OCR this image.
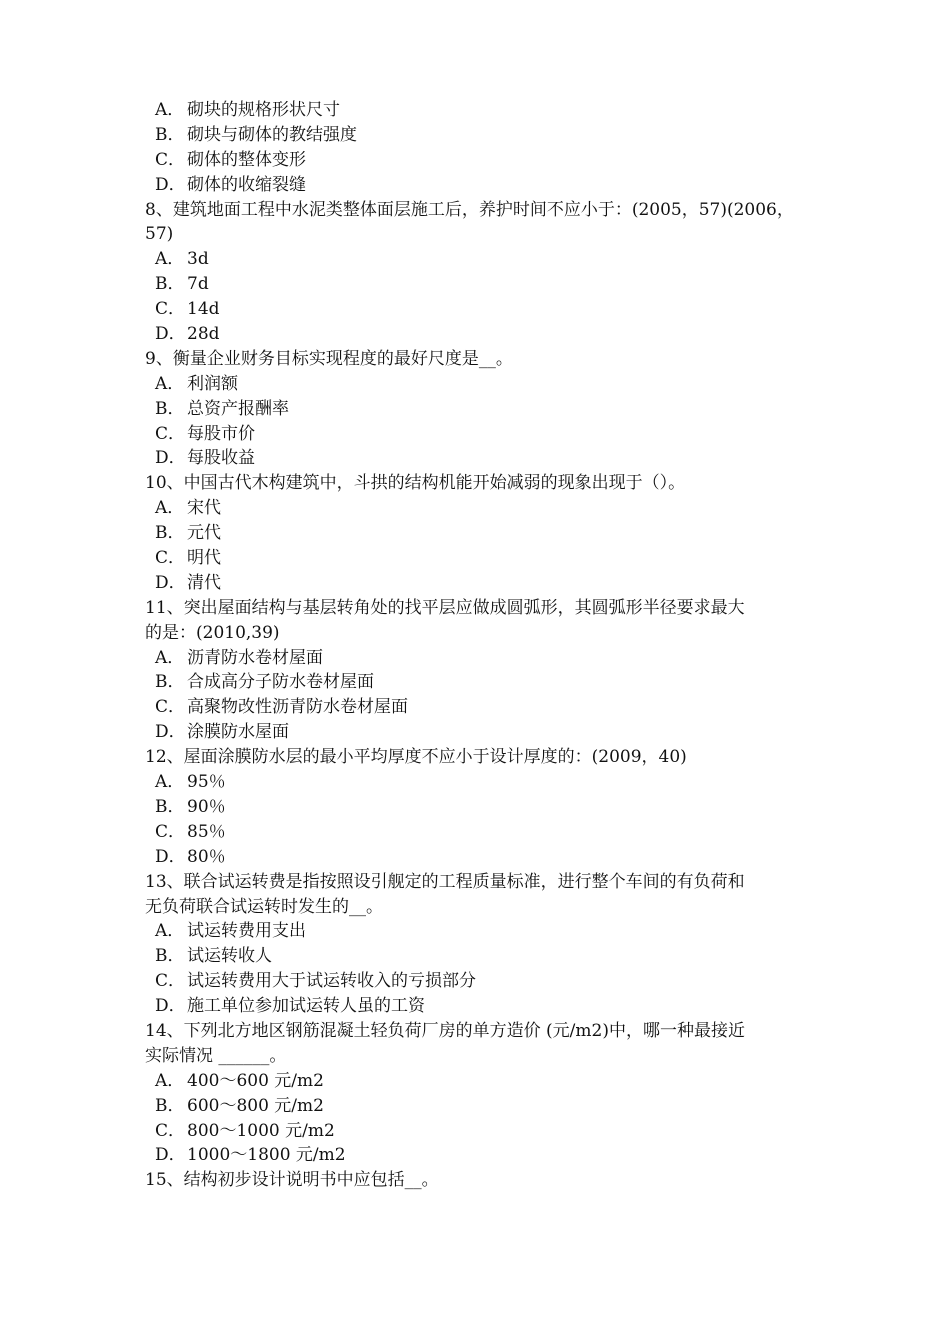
A． 砌块的规格形状尺寸
B． 砌块与砌体的教结强度
C． 砌体的整体变形
D．砌体的收缩裂缝
8、建筑地面工程中水泥类整体面层施工后，养护时间不应小于：(2005，57)(2006，
57)
A． 3d
B． 7d
C． 14d
D．28d
9、衡量企业财务目标实现程度的最好尺度是__。
A． 利润额
B． 总资产报酬率
C． 每股市价
D．每股收益
10、中国古代木构建筑中，斗拱的结构机能开始减弱的现象出现于（）。
A． 宋代
B． 元代
C． 明代
D．清代
11、突出屋面结构与基层转角处的找平层应做成圆弧形，其圆弧形半径要求最大
的是：(2010,39)
A． 沥青防水卷材屋面
B． 合成高分子防水卷材屋面
C． 高聚物改性沥青防水卷材屋面
D．涂膜防水屋面
12、屋面涂膜防水层的最小平均厚度不应小于设计厚度的：(2009，40)
A． 95％
B． 90％
C． 85％
D．80％
13、联合试运转费是指按照设引舰定的工程质量标准，进行整个车间的有负荷和
无负荷联合试运转时发生的__。
A． 试运转费用支出
B． 试运转收人
C． 试运转费用大于试运转收入的亏损部分
D．施工单位参加试运转人虽的工资
14、下列北方地区钢筋混凝土轻负荷厂房的单方造价 (元/m2)中，哪一种最接近
实际情况 ______。
A． 400～600 元/m2
B． 600～800 元/m2
C． 800～1000 元/m2
D．1000～1800 元/m2
15、结构初步设计说明书中应包括__。
